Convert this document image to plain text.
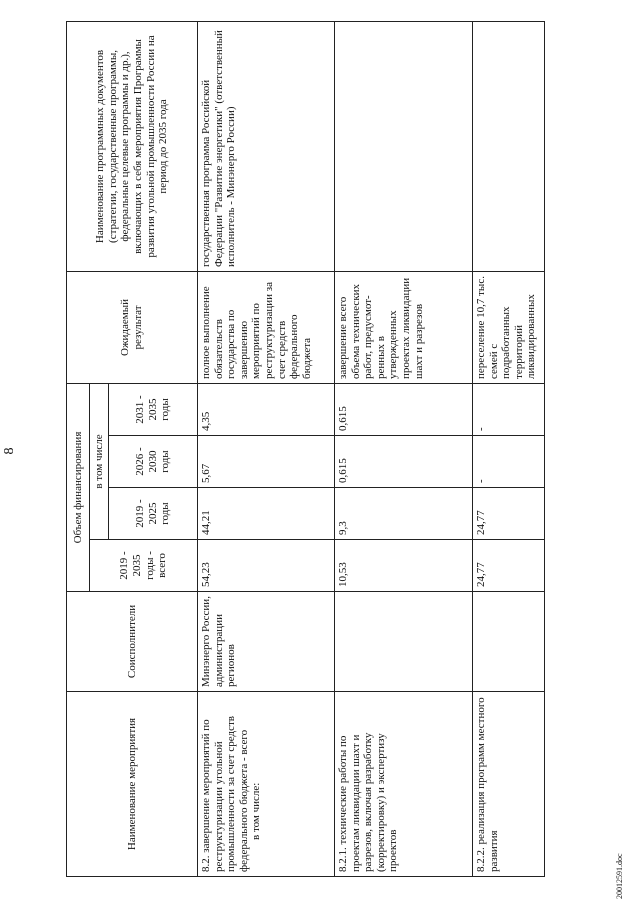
8
Наименование мероприятия	Соисполнители	Объем финансирования				Ожидаемый результат	Наименование программных документов (стратегии, государственные программы, федеральные целевые программы и др.), включающих в себя мероприятия Программы развития угольной промышленности России на период до 2035 года
		2019 - 2035 годы - всего	в том числе				
			2019 - 2025 годы	2026 - 2030 годы	2031 - 2035 годы		
8.2. завершение мероприятий по реструктуризации угольной промышленности за счет средств федерального бюджета - всего в том числе:	Минэнерго России, администрации регионов	54,23	44,21	5,67	4,35	полное выполнение обязательств государства по завершению мероприятий по реструктуризации за счет средств федерального бюджета	государственная программа Российской Федерации "Развитие энергетики" (ответственный исполнитель - Минэнерго России)
8.2.1. технические работы по проектам ликвидации шахт и разрезов, включая разработку (корректировку) и экспертизу проектов		10,53	9,3	0,615	0,615	завершение всего объема технических работ, предусмот-ренных в утвержденных проектах ликвидации шахт и разрезов	
8.2.2. реализация программ местного развития		24,77	24,77	-	-	переселение 10,7 тыс. семей с подработанных территорий ликвидированных	
20012591.doc
